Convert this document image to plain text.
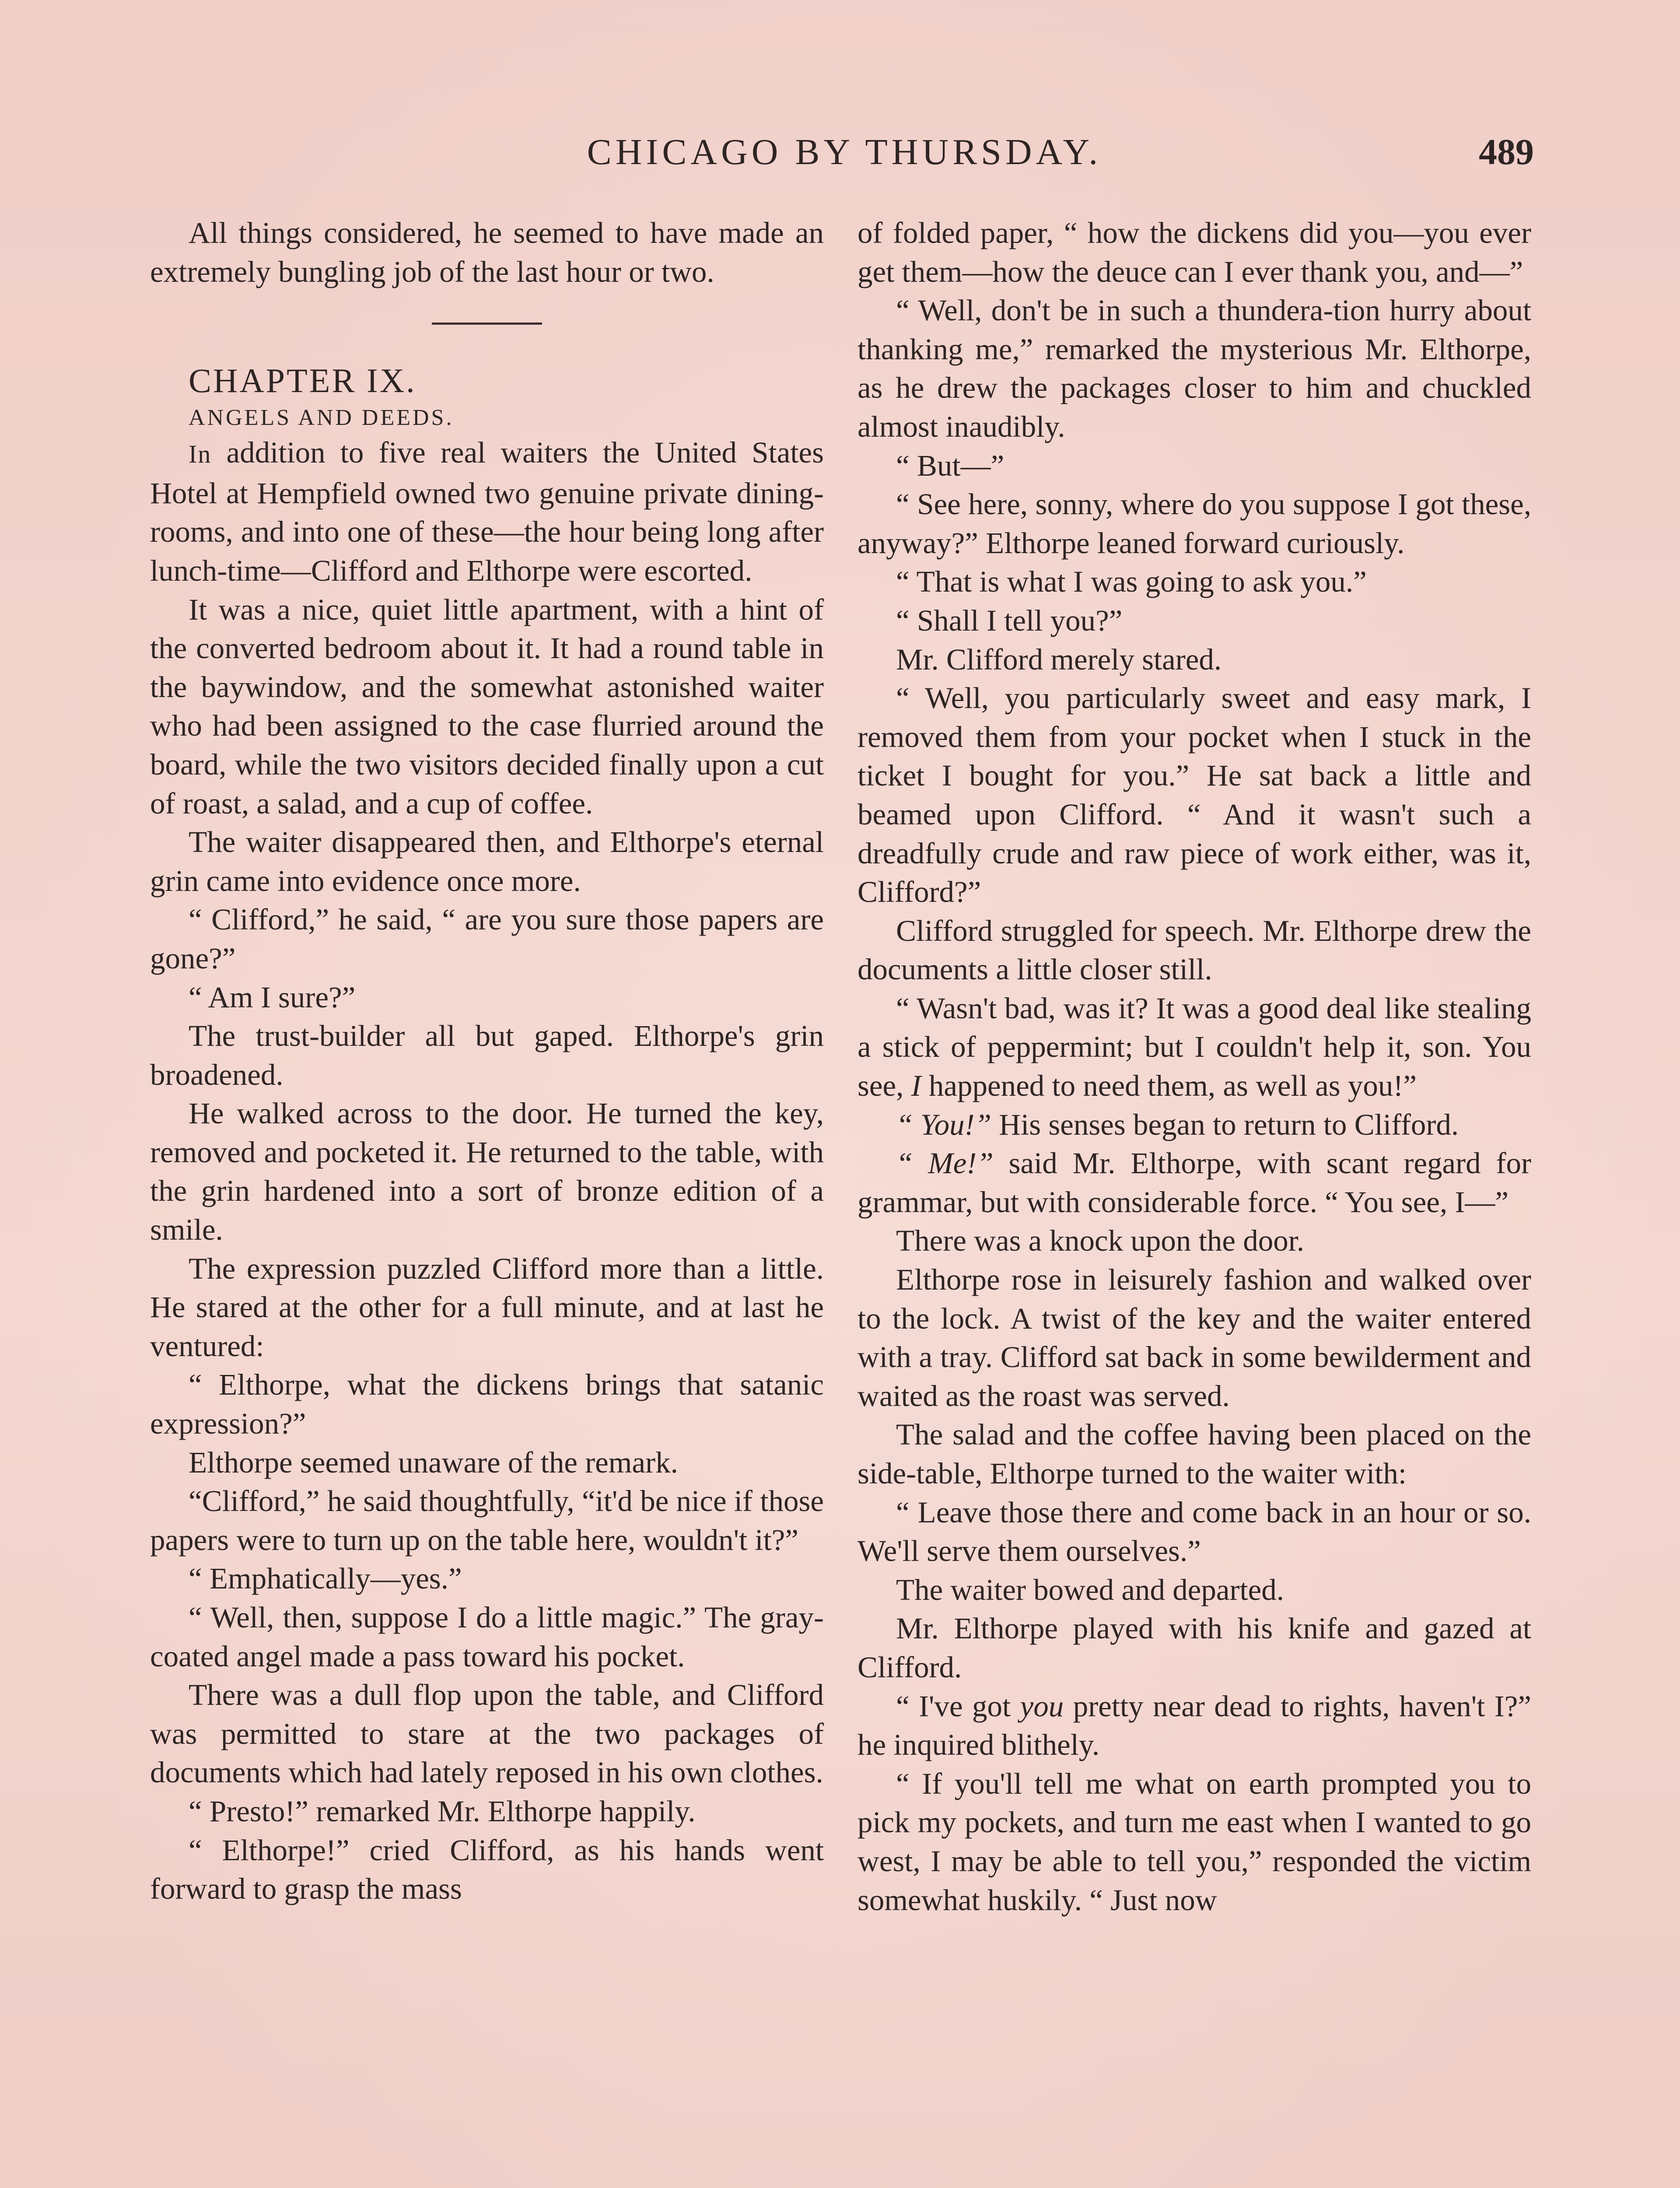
CHICAGO BY THURSDAY.	489

All things considered, he seemed to have made an extremely bungling job of the last hour or two.

CHAPTER IX.

ANGELS AND DEEDS.

In addition to five real waiters the United States Hotel at Hempfield owned two genuine private dining-rooms, and into one of these—the hour being long after lunch-time—Clifford and Elthorpe were escorted.

It was a nice, quiet little apartment, with a hint of the converted bedroom about it. It had a round table in the baywindow, and the somewhat astonished waiter who had been assigned to the case flurried around the board, while the two visitors decided finally upon a cut of roast, a salad, and a cup of coffee.

The waiter disappeared then, and Elthorpe's eternal grin came into evidence once more.

“ Clifford,” he said, “ are you sure those papers are gone?”

“ Am I sure?”

The trust-builder all but gaped. Elthorpe's grin broadened.

He walked across to the door. He turned the key, removed and pocketed it. He returned to the table, with the grin hardened into a sort of bronze edition of a smile.

The expression puzzled Clifford more than a little. He stared at the other for a full minute, and at last he ventured:

“ Elthorpe, what the dickens brings that satanic expression?”

Elthorpe seemed unaware of the remark.

“Clifford,” he said thoughtfully, “it'd be nice if those papers were to turn up on the table here, wouldn't it?”

“ Emphatically—yes.”

“ Well, then, suppose I do a little magic.” The gray-coated angel made a pass toward his pocket.

There was a dull flop upon the table, and Clifford was permitted to stare at the two packages of documents which had lately reposed in his own clothes.

“ Presto!” remarked Mr. Elthorpe happily.

“ Elthorpe!” cried Clifford, as his hands went forward to grasp the mass

of folded paper, “ how the dickens did you—you ever get them—how the deuce can I ever thank you, and—”

“ Well, don't be in such a thundera-tion hurry about thanking me,” remarked the mysterious Mr. Elthorpe, as he drew the packages closer to him and chuckled almost inaudibly.

“ But—”

“ See here, sonny, where do you suppose I got these, anyway?” Elthorpe leaned forward curiously.

“ That is what I was going to ask you.”

“ Shall I tell you?”

Mr. Clifford merely stared.

“ Well, you particularly sweet and easy mark, I removed them from your pocket when I stuck in the ticket I bought for you.” He sat back a little and beamed upon Clifford. “ And it wasn't such a dreadfully crude and raw piece of work either, was it, Clifford?”

Clifford struggled for speech. Mr. Elthorpe drew the documents a little closer still.

“ Wasn't bad, was it? It was a good deal like stealing a stick of peppermint; but I couldn't help it, son. You see, I happened to need them, as well as you!”

“ You!” His senses began to return to Clifford.

“ Me!” said Mr. Elthorpe, with scant regard for grammar, but with considerable force. “ You see, I—”

There was a knock upon the door.

Elthorpe rose in leisurely fashion and walked over to the lock. A twist of the key and the waiter entered with a tray. Clifford sat back in some bewilderment and waited as the roast was served.

The salad and the coffee having been placed on the side-table, Elthorpe turned to the waiter with:

“ Leave those there and come back in an hour or so. We'll serve them ourselves.”

The waiter bowed and departed.

Mr. Elthorpe played with his knife and gazed at Clifford.

“ I've got you pretty near dead to rights, haven't I?” he inquired blithely.

“ If you'll tell me what on earth prompted you to pick my pockets, and turn me east when I wanted to go west, I may be able to tell you,” responded the victim somewhat huskily. “ Just now
